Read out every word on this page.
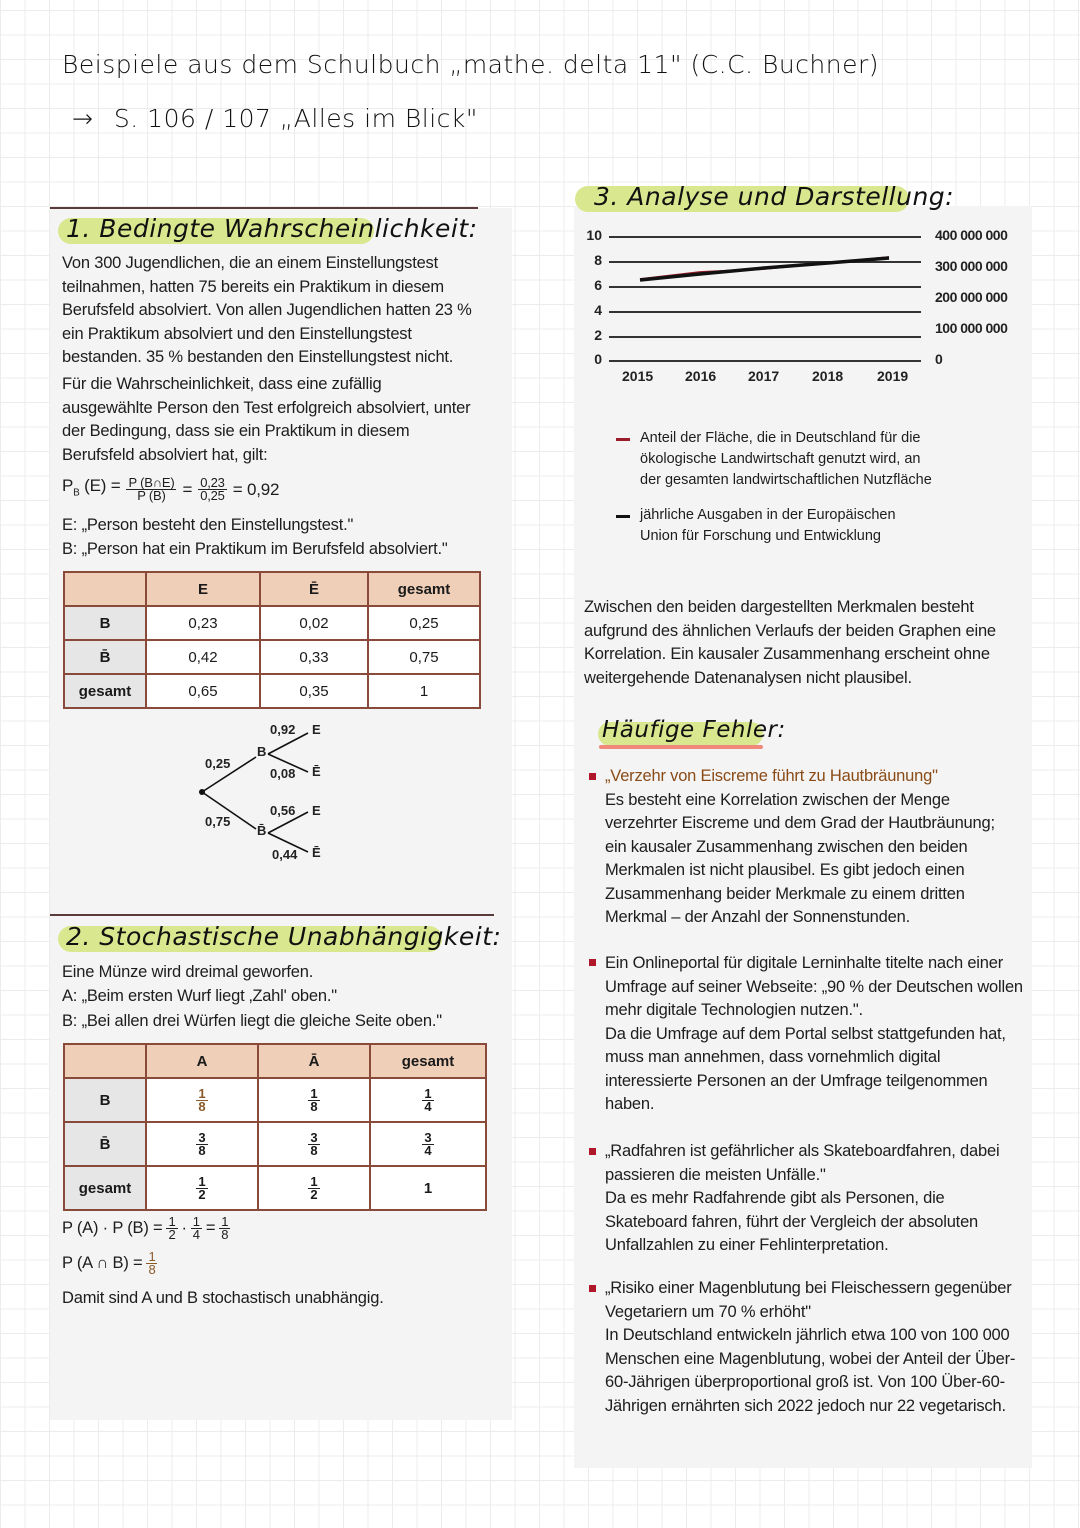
Beispiele aus dem Schulbuch „mathe. delta 11" (C.C. Buchner)
→ S. 106 / 107 „Alles im Blick"
1. Bedingte Wahrscheinlichkeit:
Von 300 Jugendlichen, die an einem Einstellungstest teilnahmen, hatten 75 bereits ein Praktikum in diesem Berufsfeld absolviert. Von allen Jugendlichen hatten 23 % ein Praktikum absolviert und den Einstellungstest bestanden. 35 % bestanden den Einstellungstest nicht.
Für die Wahrscheinlichkeit, dass eine zufällig ausgewählte Person den Test erfolgreich absolviert, unter der Bedingung, dass sie ein Praktikum in diesem Berufsfeld absolviert hat, gilt:
$P_B$ $(E) = \frac{P (B\cap E)}{P (B)} = \frac{0,23}{0,25} = 0,92$
E: „Person besteht den Einstellungstest."
B: „Person hat ein Praktikum im Berufsfeld absolviert."
	E	Ē	gesamt
B	0,23	0,02	0,25
B̄	0,42	0,33	0,75
gesamt	0,65	0,35	1
0,25
0,75
B
B̄
0,92
0,08
0,56
0,44
E
Ē
E
Ē
2. Stochastische Unabhängigkeit:
Eine Münze wird dreimal geworfen.
A: „Beim ersten Wurf liegt ‚Zahl' oben."
B: „Bei allen drei Würfen liegt die gleiche Seite oben."
	A	Ā	gesamt
B	$\frac{1}{8}$	$\frac{1}{8}$	$\frac{1}{4}$

B̄	$\frac{3}{8}$	$\frac{3}{8}$	$\frac{3}{4}$

gesamt	$\frac{1}{2}$	$\frac{1}{2}$	1
P (A) · P $(B) = \frac{1}{2} \cdot \frac{1}{4} = \frac{1}{8}$
P (A ∩ $B) = \frac{1}{8}$
Damit sind A und B stochastisch unabhängig.
3. Analyse und Darstellung:
10
8
6
4
2
0
400 000 000
300 000 000
200 000 000
100 000 000
0
2015 2016 2017 2018 2019
Anteil der Fläche, die in Deutschland für die ökologische Landwirtschaft genutzt wird, an der gesamten landwirtschaftlichen Nutzfläche
jährliche Ausgaben in der Europäischen Union für Forschung und Entwicklung
Zwischen den beiden dargestellten Merkmalen besteht aufgrund des ähnlichen Verlaufs der beiden Graphen eine Korrelation. Ein kausaler Zusammenhang erscheint ohne weitergehende Datenanalysen nicht plausibel.
Häufige Fehler:
„Verzehr von Eiscreme führt zu Hautbräunung"
Es besteht eine Korrelation zwischen der Menge verzehrter Eiscreme und dem Grad der Hautbräunung; ein kausaler Zusammenhang zwischen den beiden Merkmalen ist nicht plausibel. Es gibt jedoch einen Zusammenhang beider Merkmale zu einem dritten Merkmal – der Anzahl der Sonnenstunden.
Ein Onlineportal für digitale Lerninhalte titelte nach einer Umfrage auf seiner Webseite: „90 % der Deutschen wollen mehr digitale Technologien nutzen.".
Da die Umfrage auf dem Portal selbst stattgefunden hat, muss man annehmen, dass vornehmlich digital interessierte Personen an der Umfrage teilgenommen haben.
„Radfahren ist gefährlicher als Skateboardfahren, dabei passieren die meisten Unfälle."
Da es mehr Radfahrende gibt als Personen, die Skateboard fahren, führt der Vergleich der absoluten Unfallzahlen zu einer Fehlinterpretation.
„Risiko einer Magenblutung bei Fleischessern gegenüber Vegetariern um 70 % erhöht"
In Deutschland entwickeln jährlich etwa 100 von 100 000 Menschen eine Magenblutung, wobei der Anteil der Über-60-Jährigen überproportional groß ist. Von 100 Über-60-Jährigen ernährten sich 2022 jedoch nur 22 vegetarisch.
